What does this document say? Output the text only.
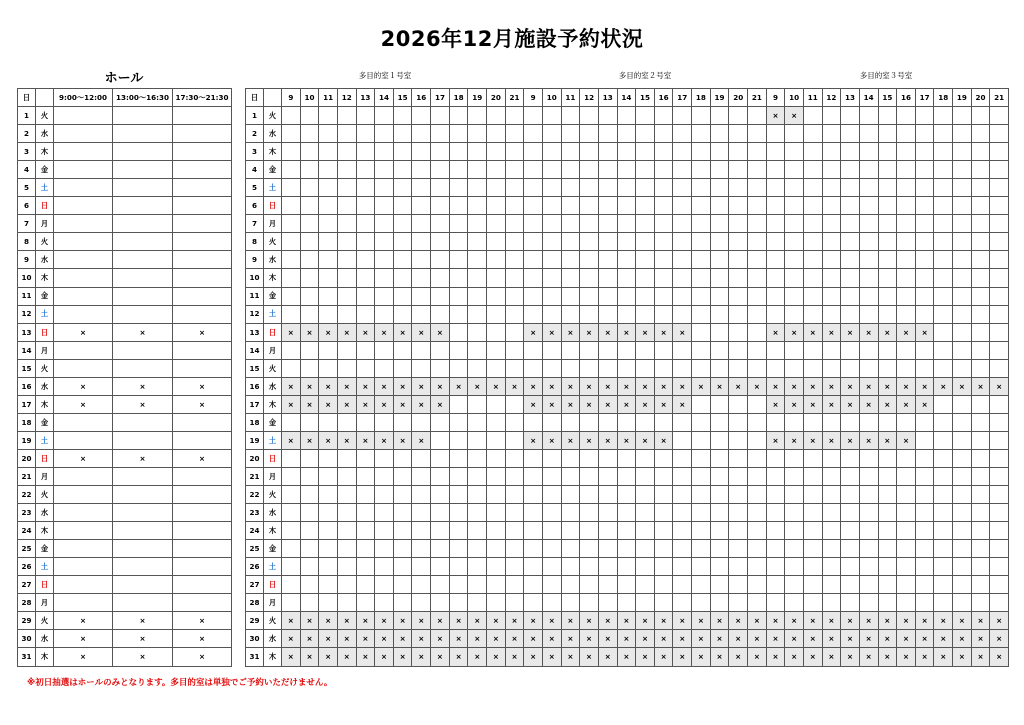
2026年12月施設予約状況
ホール	多目的室１号室	多目的室２号室	多目的室３号室
日		9:00～12:00	13:00～16:30	17:30～21:30
1	火			
2	水			
3	木			
4	金			
5	土			
6	日			
7	月			
8	火			
9	水			
10	木			
11	金			
12	土			
13	日	×	×	×
14	月			
15	火			
16	水	×	×	×
17	木	×	×	×
18	金			
19	土			
20	日	×	×	×
21	月			
22	火			
23	水			
24	木			
25	金			
26	土			
27	日			
28	月			
29	火	×	×	×
30	水	×	×	×
31	木	×	×	×
日		9	10	11	12	13	14	15	16	17	18	19	20	21	9	10	11	12	13	14	15	16	17	18	19	20	21	9	10	11	12	13	14	15	16	17	18	19	20	21
1	火																											×	×											
2	水																																							
3	木																																							
4	金																																							
5	土																																							
6	日																																							
7	月																																							
8	火																																							
9	水																																							
10	木																																							
11	金																																							
12	土																																							
13	日	×	×	×	×	×	×	×	×	×					×	×	×	×	×	×	×	×	×					×	×	×	×	×	×	×	×	×				
14	月																																							
15	火																																							
16	水	×	×	×	×	×	×	×	×	×	×	×	×	×	×	×	×	×	×	×	×	×	×	×	×	×	×	×	×	×	×	×	×	×	×	×	×	×	×	×
17	木	×	×	×	×	×	×	×	×	×					×	×	×	×	×	×	×	×	×					×	×	×	×	×	×	×	×	×				
18	金																																							
19	土	×	×	×	×	×	×	×	×						×	×	×	×	×	×	×	×						×	×	×	×	×	×	×	×					
20	日																																							
21	月																																							
22	火																																							
23	水																																							
24	木																																							
25	金																																							
26	土																																							
27	日																																							
28	月																																							
29	火	×	×	×	×	×	×	×	×	×	×	×	×	×	×	×	×	×	×	×	×	×	×	×	×	×	×	×	×	×	×	×	×	×	×	×	×	×	×	×
30	水	×	×	×	×	×	×	×	×	×	×	×	×	×	×	×	×	×	×	×	×	×	×	×	×	×	×	×	×	×	×	×	×	×	×	×	×	×	×	×
31	木	×	×	×	×	×	×	×	×	×	×	×	×	×	×	×	×	×	×	×	×	×	×	×	×	×	×	×	×	×	×	×	×	×	×	×	×	×	×	×
※初日抽選はホールのみとなります。多目的室は単独でご予約いただけません。
